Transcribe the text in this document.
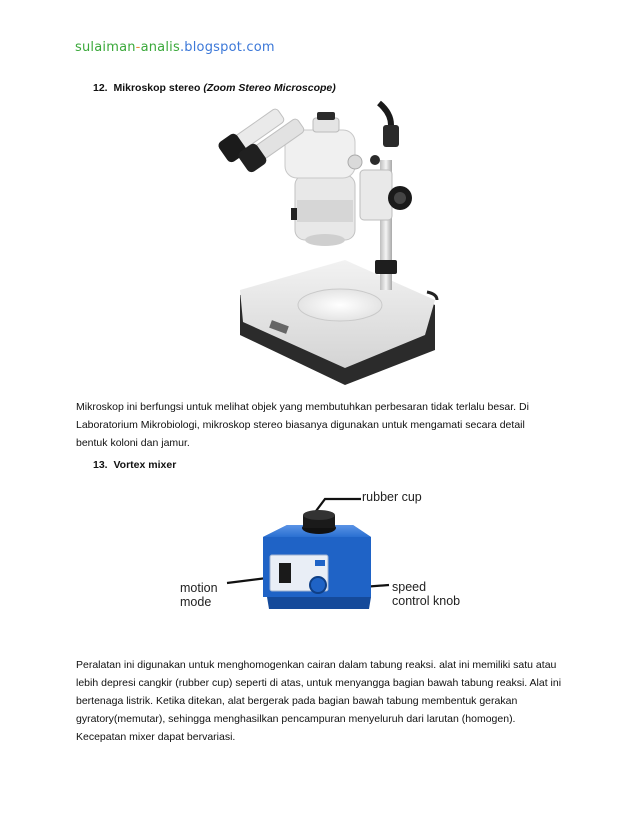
sulaiman-analis.blogspot.com
12. Mikroskop stereo (Zoom Stereo Microscope)

Mikroskop ini berfungsi untuk melihat objek yang membutuhkan perbesaran tidak terlalu besar. Di
Laboratorium Mikrobiologi, mikroskop stereo biasanya digunakan untuk mengamati secara detail
bentuk koloni dan jamur.

13. Vortex mixer
rubber cup
motion
mode
speed
control knob

Peralatan ini digunakan untuk menghomogenkan cairan dalam tabung reaksi. alat ini memiliki satu atau
lebih depresi cangkir (rubber cup) seperti di atas, untuk menyangga bagian bawah tabung reaksi. Alat ini
bertenaga listrik. Ketika ditekan, alat bergerak pada bagian bawah tabung membentuk gerakan
gyratory(memutar), sehingga menghasilkan pencampuran menyeluruh dari larutan (homogen).
Kecepatan mixer dapat bervariasi.
